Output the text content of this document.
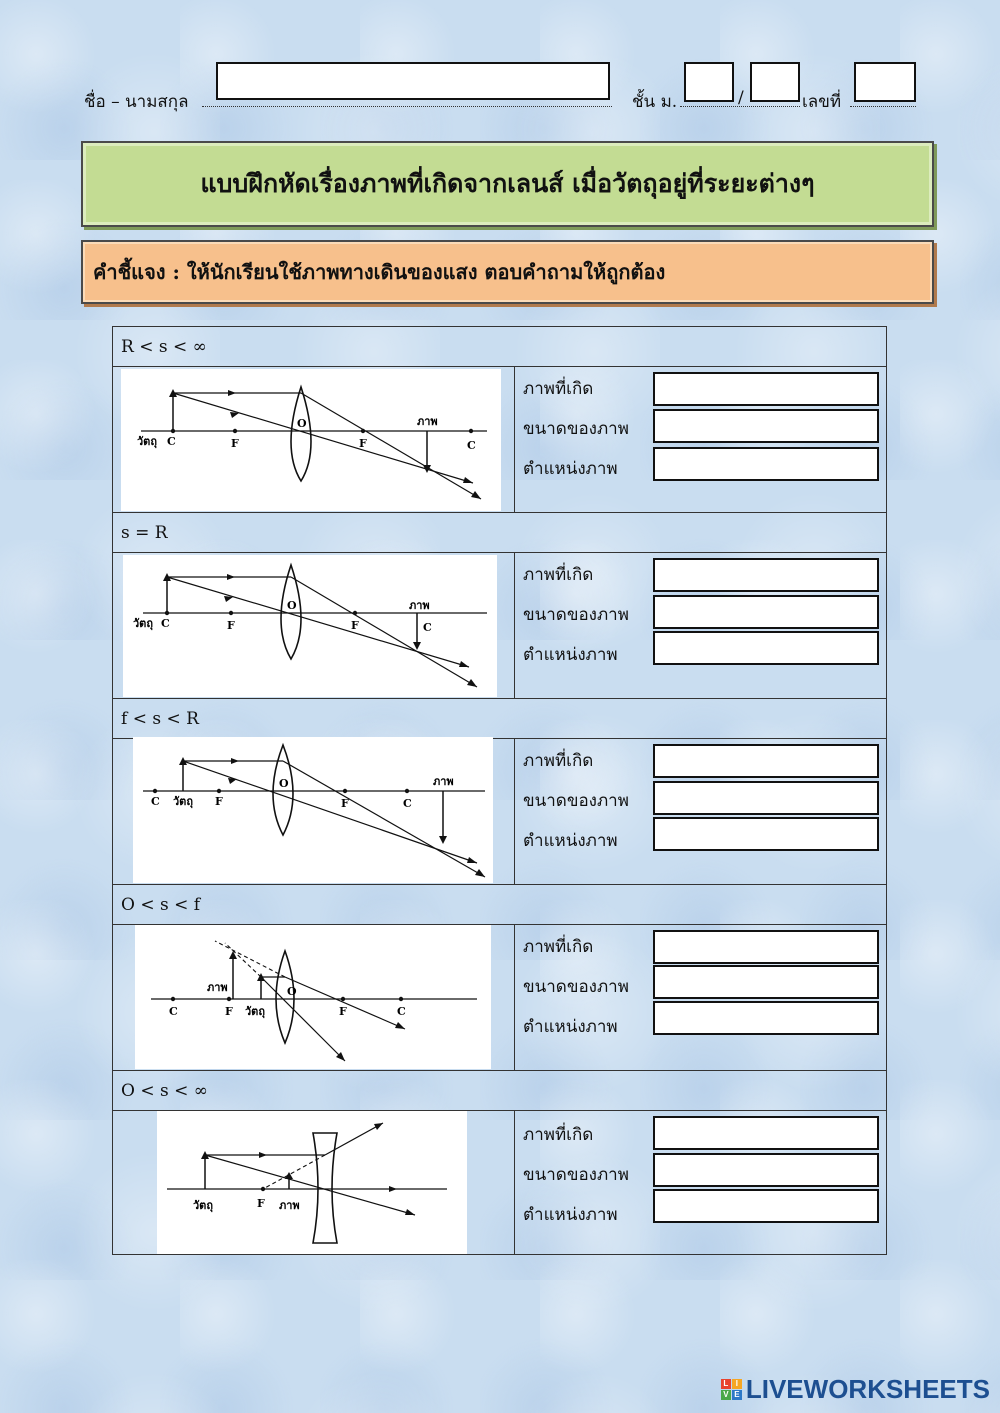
ชื่อ – นามสกุล	ชั้น ม.	/	เลขที่
แบบฝึกหัดเรื่องภาพที่เกิดจากเลนส์ เมื่อวัตถุอยู่ที่ระยะต่างๆ
คำชี้แจง : ให้นักเรียนใช้ภาพทางเดินของแสง ตอบคำถามให้ถูกต้อง
R < s < ∞
วัตถุ C	F
O
F
ภาพ
C
ภาพที่เกิด
ขนาดของภาพ
ตำแหน่งภาพ
s = R
วัตถุ C	F
O
F
ภาพ
C
ภาพที่เกิด
ขนาดของภาพ
ตำแหน่งภาพ
f < s < R
C วัตถุ F
O
F	C
ภาพ
ภาพที่เกิด
ขนาดของภาพ
ตำแหน่งภาพ
O < s < f
C	F
ภาพ
วัตถุ
O
F	C
ภาพที่เกิด
ขนาดของภาพ
ตำแหน่งภาพ
O < s < ∞
วัตถุ	F ภาพ
ภาพที่เกิด
ขนาดของภาพ
ตำแหน่งภาพ
L I
V E LIVEWORKSHEETS
